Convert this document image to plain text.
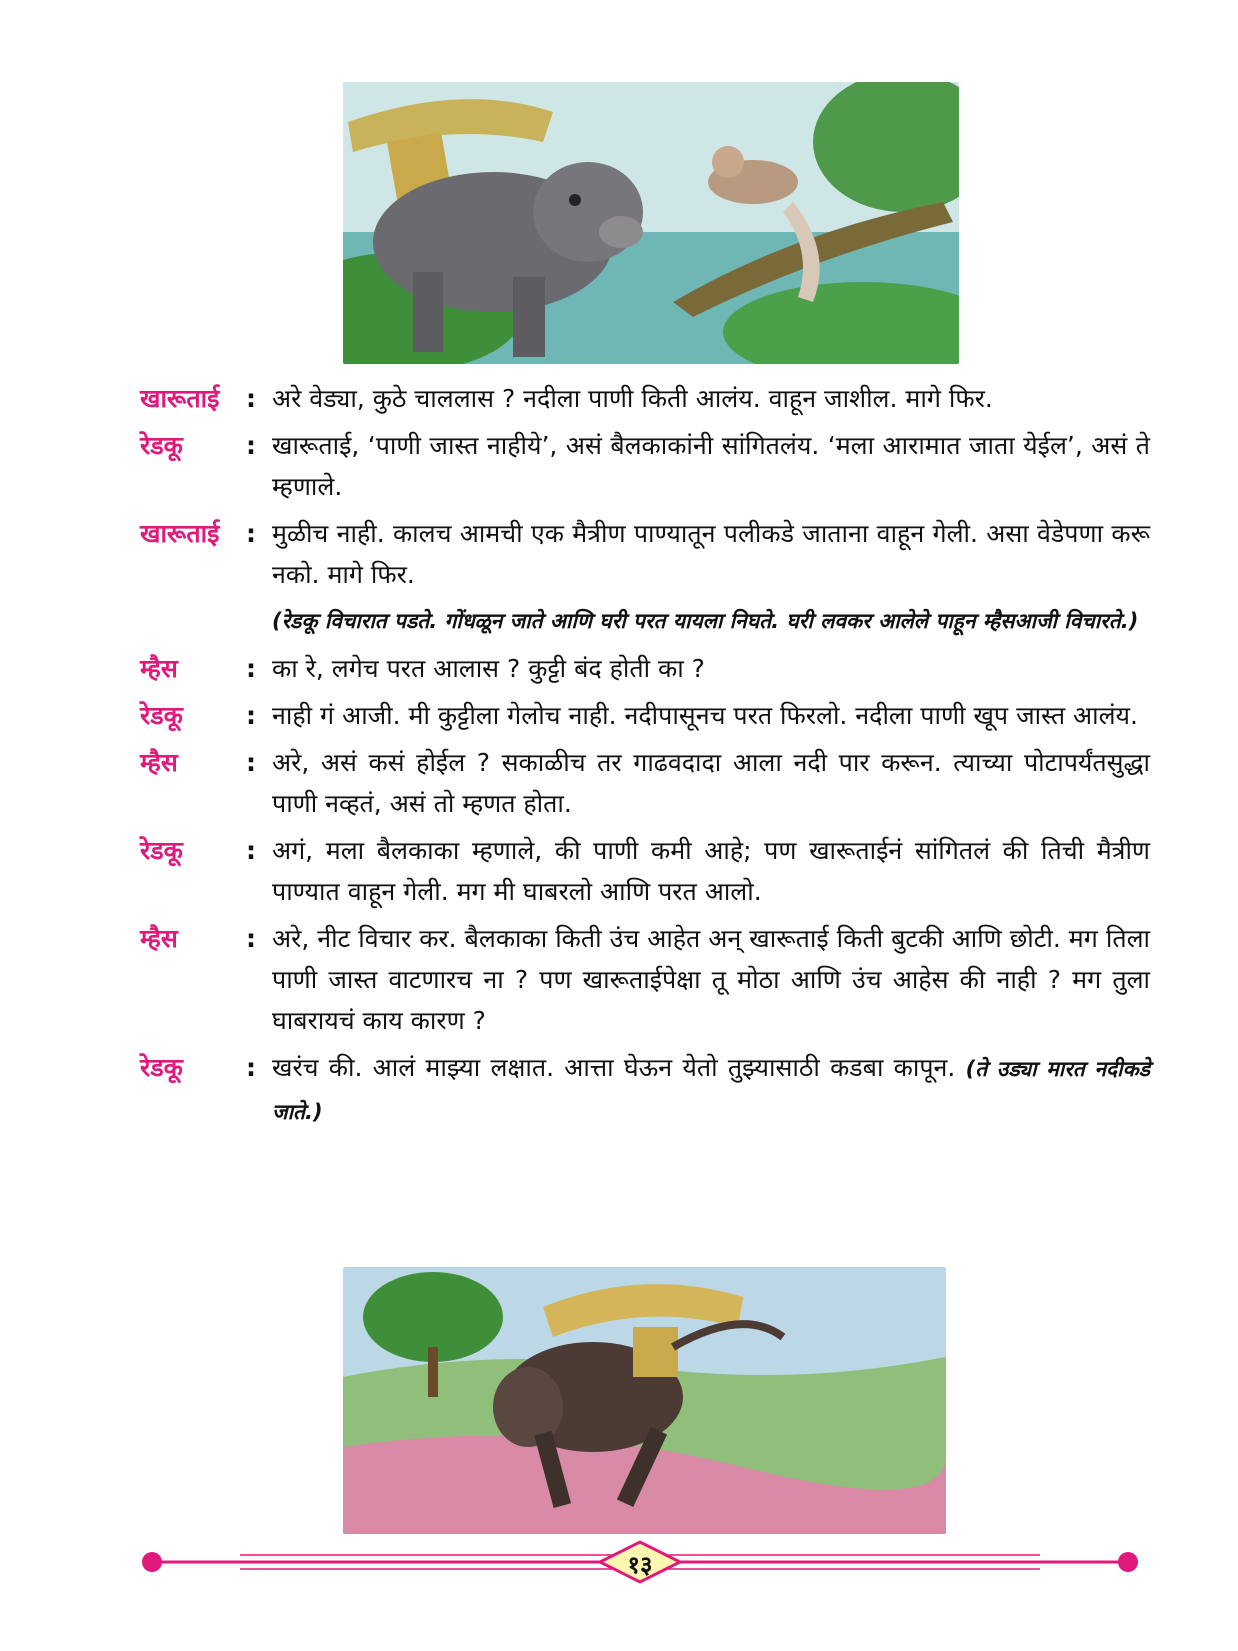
खारूताई	: अरे वेड्या, कुठे चाललास ? नदीला पाणी किती आलंय. वाहून जाशील. मागे फिर.
रेडकू	: खारूताई, ‘पाणी जास्त नाहीये’, असं बैलकाकांनी सांगितलंय. ‘मला आरामात जाता येईल’, असं ते म्हणाले.
खारूताई	: मुळीच नाही. कालच आमची एक मैत्रीण पाण्यातून पलीकडे जाताना वाहून गेली. असा वेडेपणा करू नको. मागे फिर.
(रेडकू विचारात पडते. गोंधळून जाते आणि घरी परत यायला निघते. घरी लवकर आलेले पाहून म्हैसआजी विचारते.)
म्हैस	: का रे, लगेच परत आलास ? कुट्टी बंद होती का ?
रेडकू	: नाही गं आजी. मी कुट्टीला गेलोच नाही. नदीपासूनच परत फिरलो. नदीला पाणी खूप जास्त आलंय.
म्हैस	: अरे, असं कसं होईल ? सकाळीच तर गाढवदादा आला नदी पार करून. त्याच्या पोटापर्यंतसुद्धा पाणी नव्हतं, असं तो म्हणत होता.
रेडकू	: अगं, मला बैलकाका म्हणाले, की पाणी कमी आहे; पण खारूताईनं सांगितलं की तिची मैत्रीण पाण्यात वाहून गेली. मग मी घाबरलो आणि परत आलो.
म्हैस	: अरे, नीट विचार कर. बैलकाका किती उंच आहेत अन् खारूताई किती बुटकी आणि छोटी. मग तिला पाणी जास्त वाटणारच ना ? पण खारूताईपेक्षा तू मोठा आणि उंच आहेस की नाही ? मग तुला घाबरायचं काय कारण ?
रेडकू	: खरंच की. आलं माझ्या लक्षात. आत्ता घेऊन येतो तुझ्यासाठी कडबा कापून. (ते उड्या मारत नदीकडे जाते.)
१३
